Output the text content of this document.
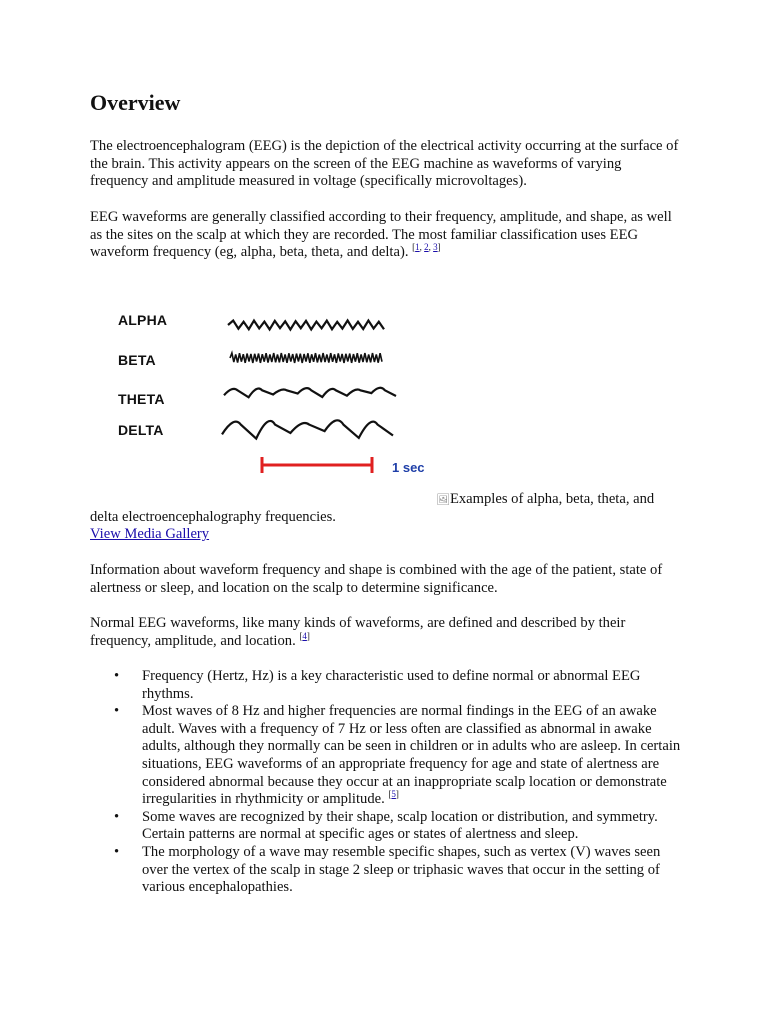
Overview

The electroencephalogram (EEG) is the depiction of the electrical activity occurring at the surface of the brain. This activity appears on the screen of the EEG machine as waveforms of varying frequency and amplitude measured in voltage (specifically microvoltages).

EEG waveforms are generally classified according to their frequency, amplitude, and shape, as well as the sites on the scalp at which they are recorded. The most familiar classification uses EEG waveform frequency (eg, alpha, beta, theta, and delta). [1, 2, 3]

ALPHA
BETA
THETA
DELTA
1 sec
🖼Examples of alpha, beta, theta, and
delta electroencephalography frequencies.
View Media Gallery

Information about waveform frequency and shape is combined with the age of the patient, state of alertness or sleep, and location on the scalp to determine significance.

Normal EEG waveforms, like many kinds of waveforms, are defined and described by their frequency, amplitude, and location. [4]

• Frequency (Hertz, Hz) is a key characteristic used to define normal or abnormal EEG rhythms.
• Most waves of 8 Hz and higher frequencies are normal findings in the EEG of an awake adult. Waves with a frequency of 7 Hz or less often are classified as abnormal in awake adults, although they normally can be seen in children or in adults who are asleep. In certain situations, EEG waveforms of an appropriate frequency for age and state of alertness are considered abnormal because they occur at an inappropriate scalp location or demonstrate irregularities in rhythmicity or amplitude. [5]
• Some waves are recognized by their shape, scalp location or distribution, and symmetry. Certain patterns are normal at specific ages or states of alertness and sleep.
• The morphology of a wave may resemble specific shapes, such as vertex (V) waves seen over the vertex of the scalp in stage 2 sleep or triphasic waves that occur in the setting of various encephalopathies.
